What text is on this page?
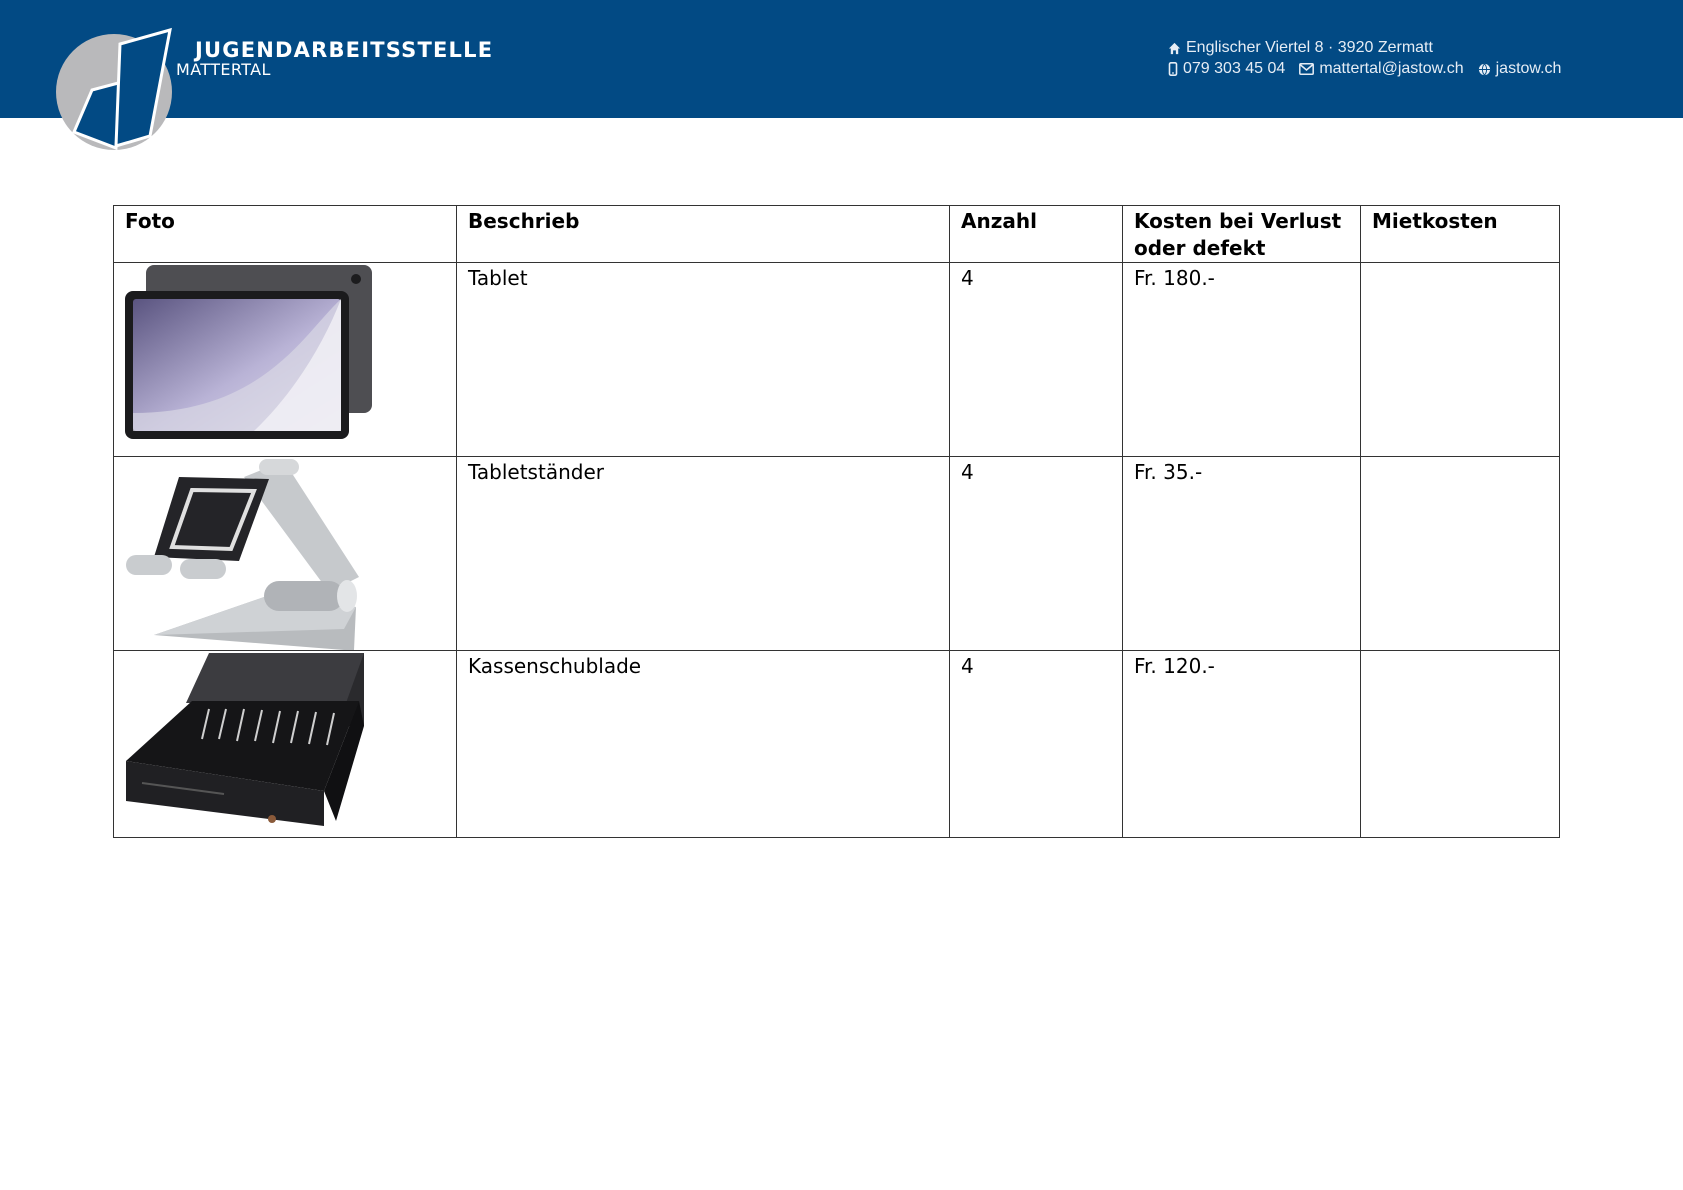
JUGENDARBEITSSTELLE
MATTERTAL
Englischer Viertel 8 · 3920 Zermatt
079 303 45 04 mattertal@jastow.ch jastow.ch
Foto	Beschrieb	Anzahl	Kosten bei Verlust oder defekt	Mietkosten

	Tablet	4	Fr. 180.-	

	Tabletständer	4	Fr. 35.-	

	Kassenschublade	4	Fr. 120.-	
